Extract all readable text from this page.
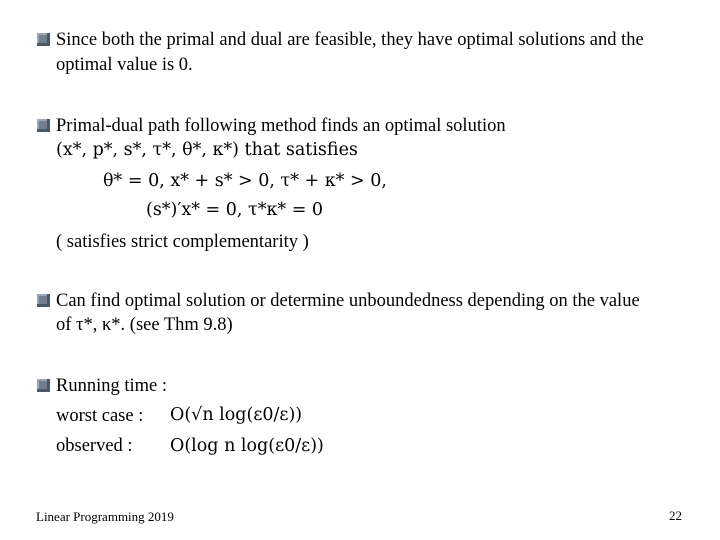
Since both the primal and dual are feasible, they have optimal solutions and the
optimal value is 0.
Primal-dual path following method finds an optimal solution
(x*, p*, s*, τ*, θ*, κ*) that satisfies
θ* = 0, x* + s* > 0, τ* + κ* > 0,
(s*)′x* = 0, τ*κ* = 0
( satisfies strict complementarity )
Can find optimal solution or determine unboundedness depending on the value
of τ*, κ*. (see Thm 9.8)
Running time :
worst case : O(√n log(ε0/ε))
observed : O(log n log(ε0/ε))
Linear Programming 2019	22
